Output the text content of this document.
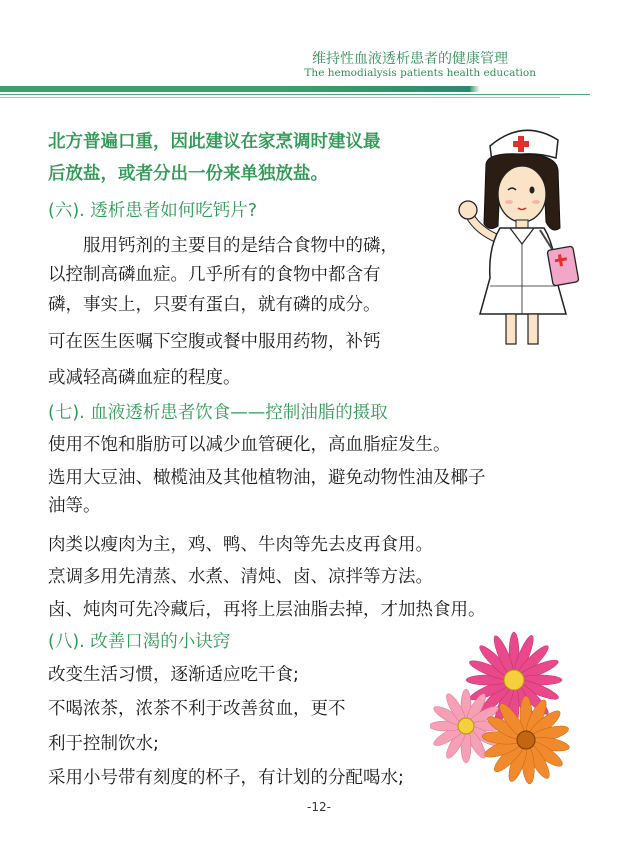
维持性血液透析患者的健康管理
The hemodialysis patients health education
北方普遍口重，因此建议在家烹调时建议最
后放盐，或者分出一份来单独放盐。
(六). 透析患者如何吃钙片?
　　服用钙剂的主要目的是结合食物中的磷，
以控制高磷血症。几乎所有的食物中都含有
磷，事实上，只要有蛋白，就有磷的成分。
可在医生医嘱下空腹或餐中服用药物，补钙
或减轻高磷血症的程度。
(七). 血液透析患者饮食——控制油脂的摄取
使用不饱和脂肪可以减少血管硬化，高血脂症发生。
选用大豆油、橄榄油及其他植物油，避免动物性油及椰子
油等。
肉类以瘦肉为主，鸡、鸭、牛肉等先去皮再食用。
烹调多用先清蒸、水煮、清炖、卤、凉拌等方法。
卤、炖肉可先冷藏后，再将上层油脂去掉，才加热食用。
(八). 改善口渴的小诀窍
改变生活习惯，逐渐适应吃干食;
不喝浓茶，浓茶不利于改善贫血，更不
利于控制饮水;
采用小号带有刻度的杯子，有计划的分配喝水;
-12-
